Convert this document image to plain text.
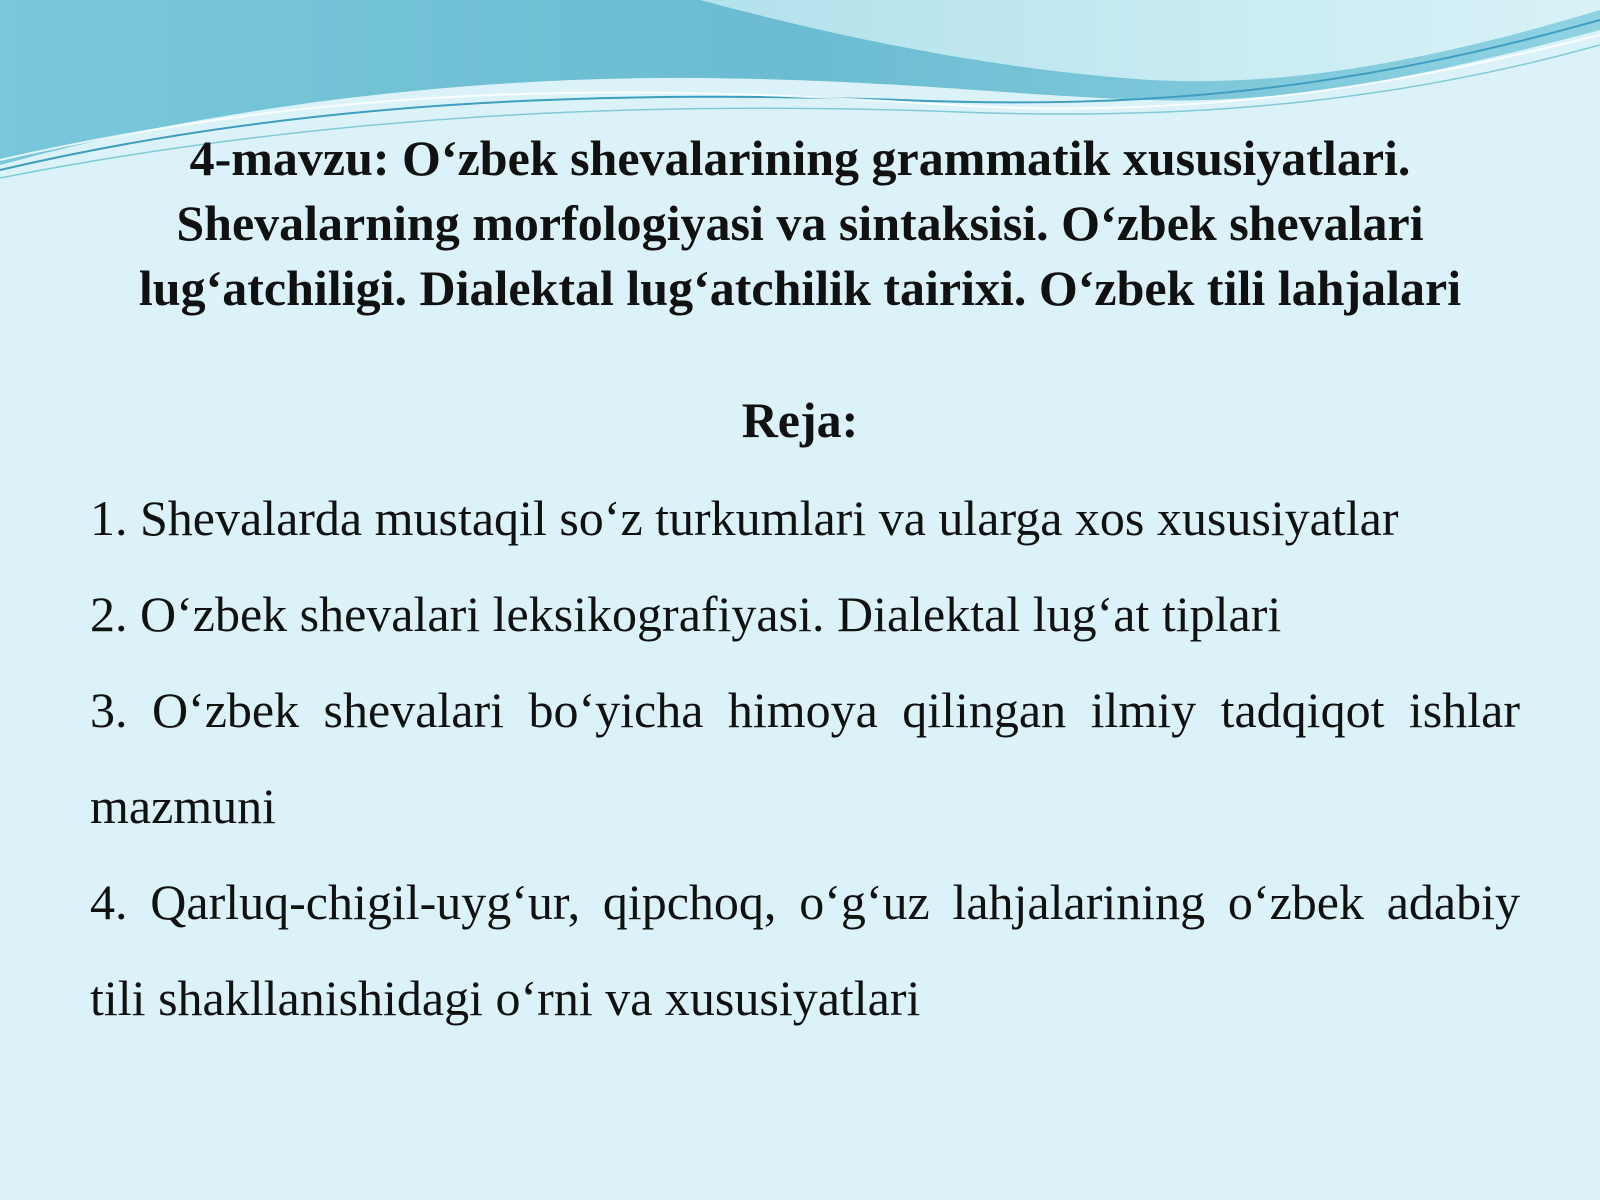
4-mavzu: O‘zbek shevalarining grammatik xususiyatlari.
Shevalarning morfologiyasi va sintaksisi. O‘zbek shevalari
lug‘atchiligi. Dialektal lug‘atchilik tairixi. O‘zbek tili lahjalari
Reja:
1. Shevalarda mustaqil so‘z turkumlari va ularga xos xususiyatlar
2. O‘zbek shevalari leksikografiyasi. Dialektal lug‘at tiplari
3. O‘zbek shevalari bo‘yicha himoya qilingan ilmiy tadqiqot ishlar mazmuni
4. Qarluq-chigil-uyg‘ur, qipchoq, o‘g‘uz lahjalarining o‘zbek adabiy tili shakllanishidagi o‘rni va xususiyatlari
